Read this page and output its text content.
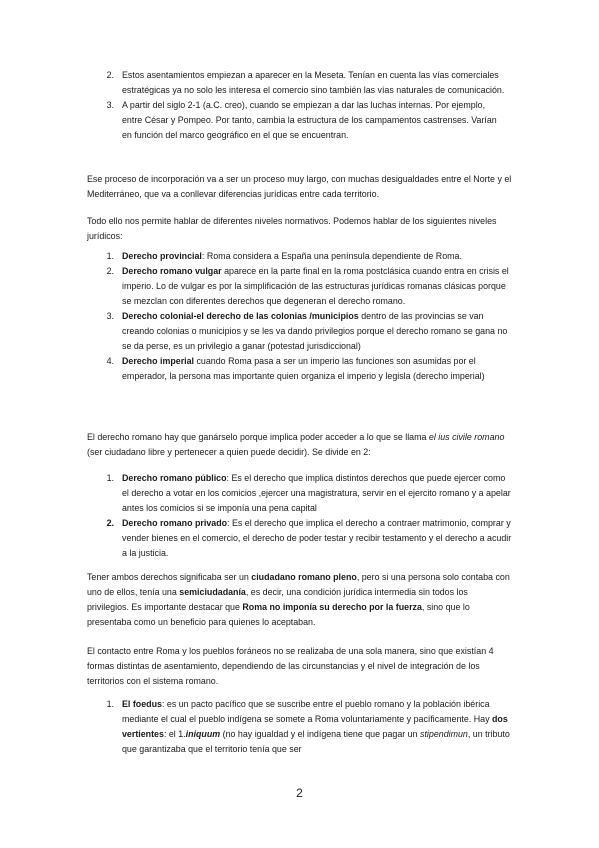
2. Estos asentamientos empiezan a aparecer en la Meseta. Tenían en cuenta las vías comerciales estratégicas ya no solo les interesa el comercio sino también las vías naturales de comunicación.
3. A partir del siglo 2-1 (a.C. creo), cuando se empiezan a dar las luchas internas. Por ejemplo, entre César y Pompeo. Por tanto, cambia la estructura de los campamentos castrenses. Varían en función del marco geográfico en el que se encuentran.

Ese proceso de incorporación va a ser un proceso muy largo, con muchas desigualdades entre el Norte y el Mediterráneo, que va a conllevar diferencias jurídicas entre cada territorio.

Todo ello nos permite hablar de diferentes niveles normativos. Podemos hablar de los siguientes niveles jurídicos:

1. Derecho provincial: Roma considera a España una península dependiente de Roma.
2. Derecho romano vulgar aparece en la parte final en la roma postclásica cuando entra en crisis el imperio. Lo de vulgar es por la simplificación de las estructuras jurídicas romanas clásicas porque se mezclan con diferentes derechos que degeneran el derecho romano.
3. Derecho colonial-el derecho de las colonias /municipios dentro de las provincias se van creando colonias o municipios y se les va dando privilegios porque el derecho romano se gana no se da perse, es un privilegio a ganar (potestad jurisdiccional)
4. Derecho imperial cuando Roma pasa a ser un imperio las funciones son asumidas por el emperador, la persona mas importante quien organiza el imperio y legisla (derecho imperial)

El derecho romano hay que ganárselo porque implica poder acceder a lo que se llama el ius civile romano (ser ciudadano libre y pertenecer a quien puede decidir). Se divide en 2:

1. Derecho romano público: Es el derecho que implica distintos derechos que puede ejercer como el derecho a votar en los comicios ,ejercer una magistratura, servir en el ejercito romano y a apelar antes los comicios si se imponía una pena capital
2. Derecho romano privado: Es el derecho que implica el derecho a contraer matrimonio, comprar y vender bienes en el comercio, el derecho de poder testar y recibir testamento y el derecho a acudir a la justicia.

Tener ambos derechos significaba ser un ciudadano romano pleno, pero si una persona solo contaba con uno de ellos, tenía una semiciudadanía, es decir, una condición jurídica intermedia sin todos los privilegios. Es importante destacar que Roma no imponía su derecho por la fuerza, sino que lo presentaba como un beneficio para quienes lo aceptaban.

El contacto entre Roma y los pueblos foráneos no se realizaba de una sola manera, sino que existían 4 formas distintas de asentamiento, dependiendo de las circunstancias y el nivel de integración de los territorios con el sistema romano.

1. El foedus: es un pacto pacífico que se suscribe entre el pueblo romano y la población ibérica mediante el cual el pueblo indígena se somete a Roma voluntariamente y pacíficamente. Hay dos vertientes: el 1.iniquum (no hay igualdad y el indígena tiene que pagar un stipendimun, un tributo que garantizaba que el territorio tenía que ser
2
